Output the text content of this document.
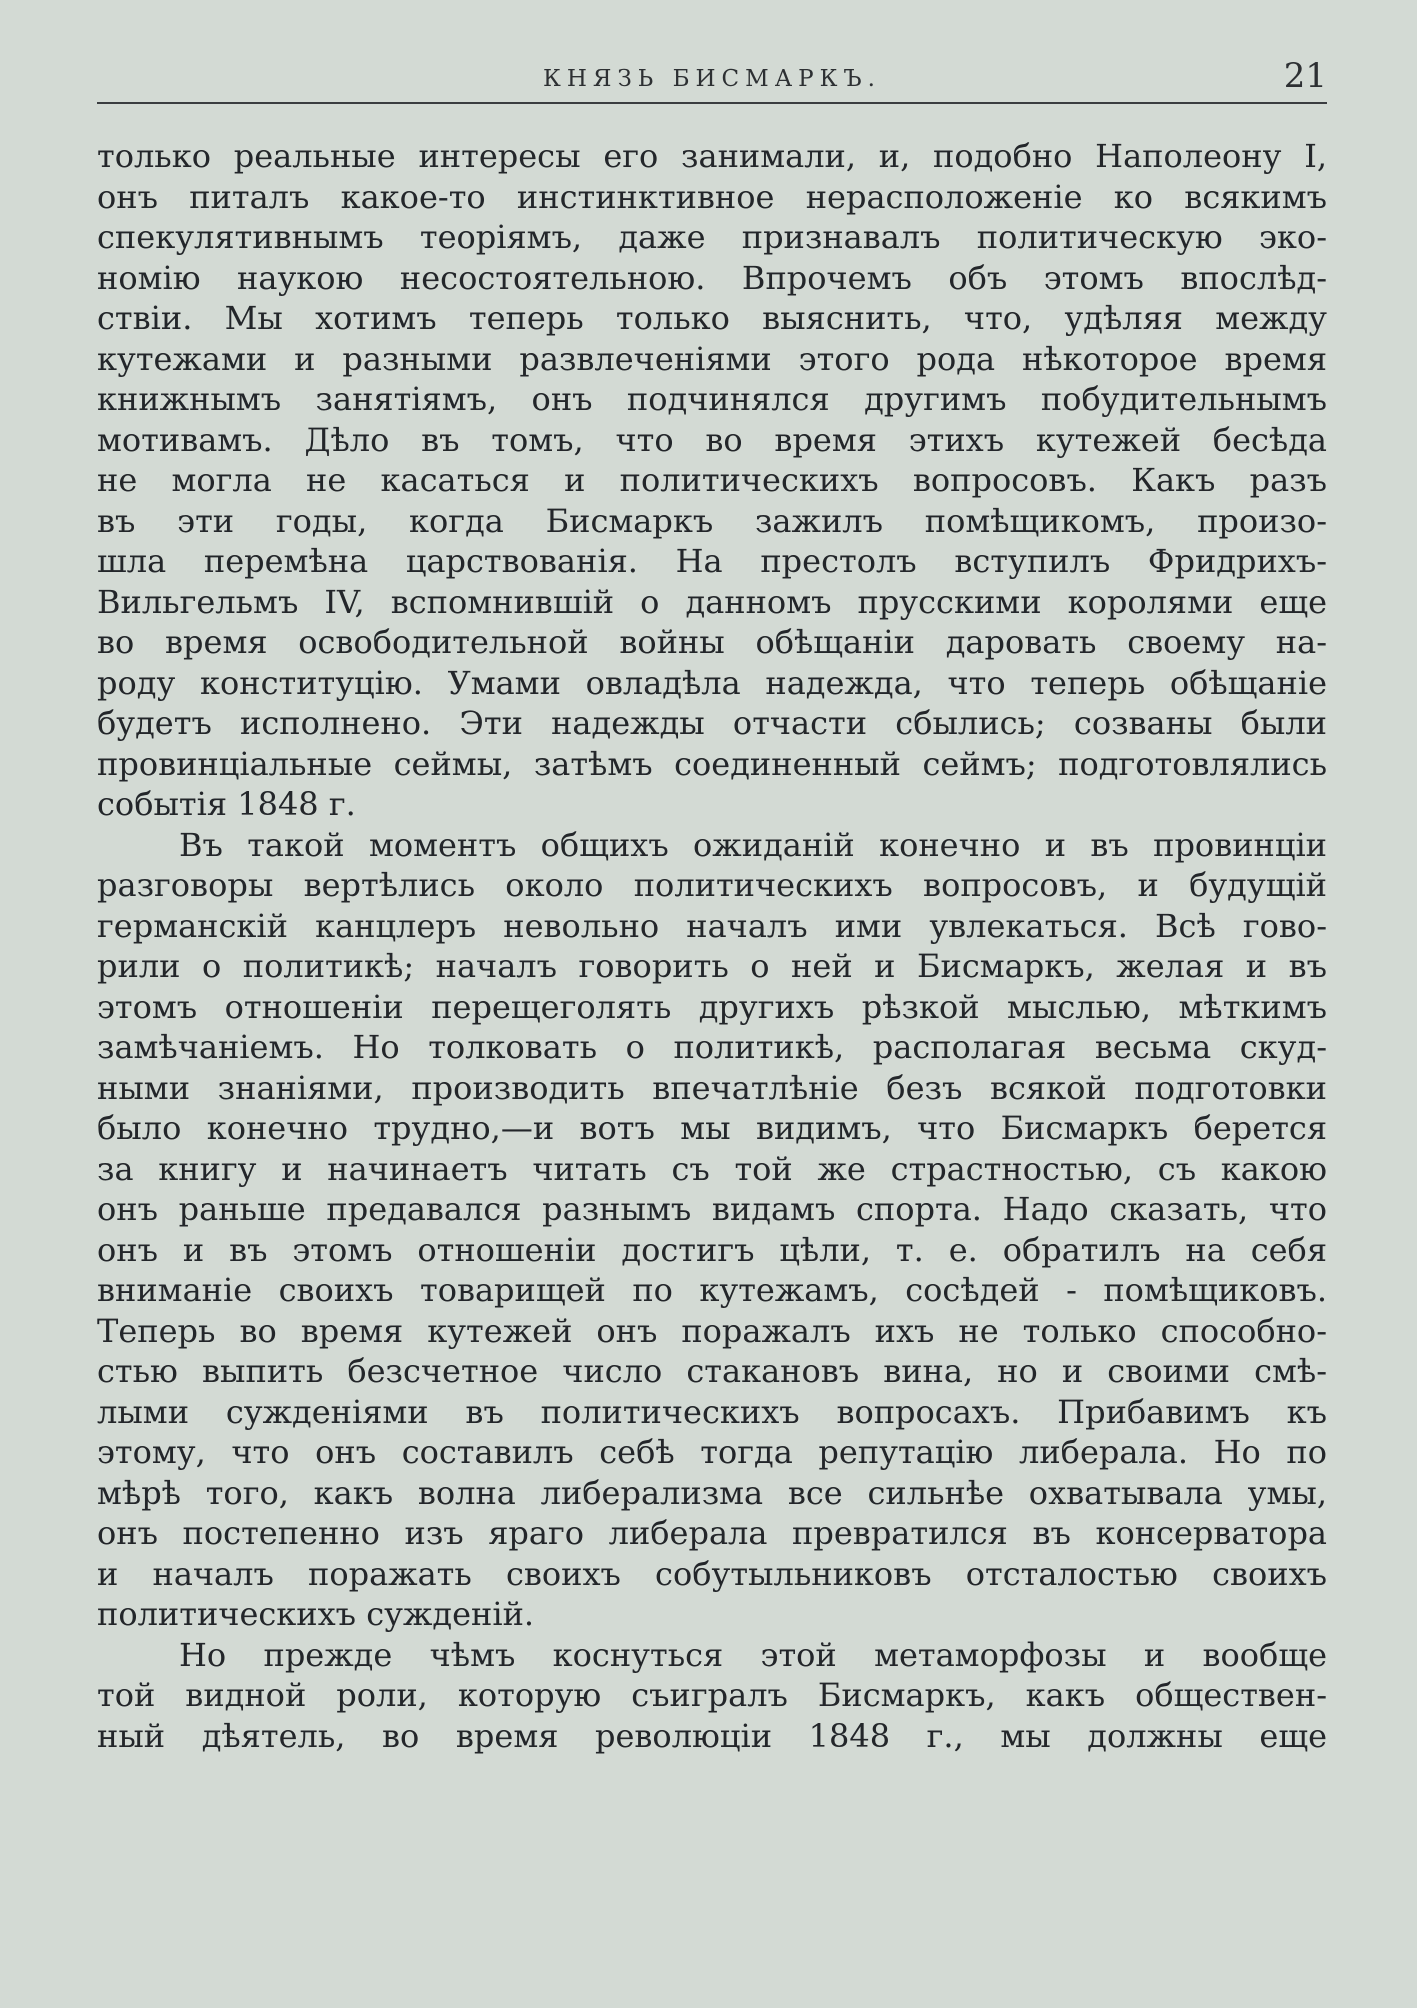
КНЯЗЬ БИСМАРКЪ.	21
только реальные интересы его занимали, и, подобно Наполеону I,
онъ питалъ какое-то инстинктивное нерасположеніе ко всякимъ
спекулятивнымъ теоріямъ, даже признавалъ политическую эко-
номію наукою несостоятельною. Впрочемъ объ этомъ впослѣд-
ствіи. Мы хотимъ теперь только выяснить, что, удѣляя между
кутежами и разными развлеченіями этого рода нѣкоторое время
книжнымъ занятіямъ, онъ подчинялся другимъ побудительнымъ
мотивамъ. Дѣло въ томъ, что во время этихъ кутежей бесѣда
не могла не касаться и политическихъ вопросовъ. Какъ разъ
въ эти годы, когда Бисмаркъ зажилъ помѣщикомъ, произо-
шла перемѣна царствованія. На престолъ вступилъ Фридрихъ-
Вильгельмъ IV, вспомнившій о данномъ прусскими королями еще
во время освободительной войны обѣщаніи даровать своему на-
роду конституцію. Умами овладѣла надежда, что теперь обѣщаніе
будетъ исполнено. Эти надежды отчасти сбылись; созваны были
провинціальные сеймы, затѣмъ соединенный сеймъ; подготовлялись
событія 1848 г.
Въ такой моментъ общихъ ожиданій конечно и въ провинціи
разговоры вертѣлись около политическихъ вопросовъ, и будущій
германскій канцлеръ невольно началъ ими увлекаться. Всѣ гово-
рили о политикѣ; началъ говорить о ней и Бисмаркъ, желая и въ
этомъ отношеніи перещеголять другихъ рѣзкой мыслью, мѣткимъ
замѣчаніемъ. Но толковать о политикѣ, располагая весьма скуд-
ными знаніями, производить впечатлѣніе безъ всякой подготовки
было конечно трудно,—и вотъ мы видимъ, что Бисмаркъ берется
за книгу и начинаетъ читать съ той же страстностью, съ какою
онъ раньше предавался разнымъ видамъ спорта. Надо сказать, что
онъ и въ этомъ отношеніи достигъ цѣли, т. е. обратилъ на себя
вниманіе своихъ товарищей по кутежамъ, сосѣдей - помѣщиковъ.
Теперь во время кутежей онъ поражалъ ихъ не только способно-
стью выпить безсчетное число стакановъ вина, но и своими смѣ-
лыми сужденіями въ политическихъ вопросахъ. Прибавимъ къ
этому, что онъ составилъ себѣ тогда репутацію либерала. Но по
мѣрѣ того, какъ волна либерализма все сильнѣе охватывала умы,
онъ постепенно изъ яраго либерала превратился въ консерватора
и началъ поражать своихъ собутыльниковъ отсталостью своихъ
политическихъ сужденій.
Но прежде чѣмъ коснуться этой метаморфозы и вообще
той видной роли, которую съигралъ Бисмаркъ, какъ обществен-
ный дѣятель, во время революціи 1848 г., мы должны еще
